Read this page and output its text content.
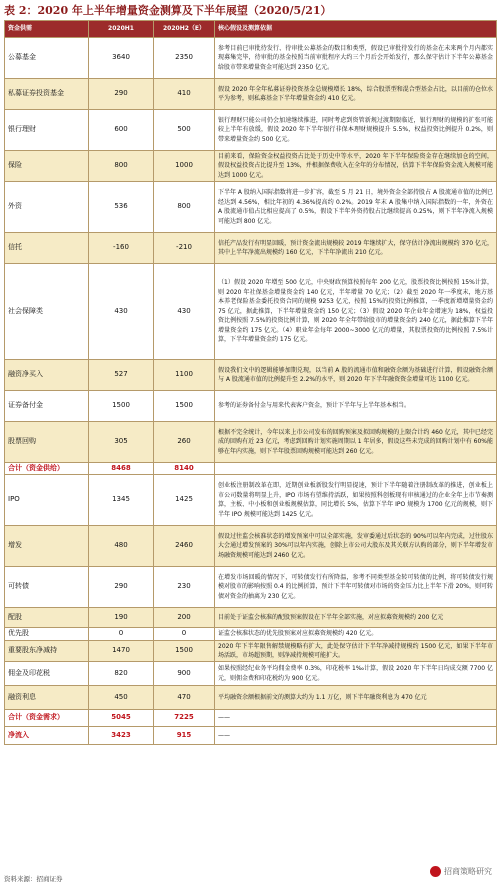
表 2：2020 年上半年增量资金测算及下半年展望（2020/5/21）
资金供需	2020H1	2020H2（E）	核心假设及测算依据
公募基金	3640	2350	参考目前已审批待发行、待审批公募基金的数目和类型，假设已审批待发行的基金在未来两个月内都实现募集完毕，待审批的基金按照当前审批程序大约三个月后会开始发行，那么保守估计下半年公募基金给股市带来增量资金可能达到 2350 亿元。
私募证券投资基金	290	410	假设 2020 年全年私募证券投资基金总规模增长 18%，综合股票型和混合型基金占比，以目前的仓位水平为参考，则私募基金下半年增量资金约 410 亿元。
银行理财	600	500	银行理财只能公司仍会加速继续推进，同时考虑到资管新规过渡期限临近，银行理财的规模的扩张可能较上半年有放缓，假设 2020 年下半年银行非保本理财规模提升 5.5%，权益投资比例提升 0.2%，则带来增量资金约 500 亿元。
保险	800	1000	目前来看，保险资金权益投资占比处于历史中等水平，2020 年下半年保险资金存在继续加仓的空间，假设权益投资占比提升至 13%，并根据保费收入在全年的分布情况，估算下半年保险资金流入规模可能达到 1000 亿元。
外资	536	800	下半年 A 股纳入国际指数将进一步扩容，截至 5 月 21 日，境外资金全部持股占 A 股流通市值的比例已经达到 4.56%，相比年初的 4.36%提高约 0.2%。2019 年末 A 股集中纳入国际指数的一年，外资在 A 股流通市值占比相应提高了 0.5%，假设下半年外资持股占比继续提高 0.25%，则下半年净流入规模可能达到 800 亿元。
信托	-160	-210	信托产品发行有明显回暖，预计资金流出规模较 2019 年继续扩大，保守估计净流出规模约 370 亿元，其中上半年净流出规模约 160 亿元，下半年净流出 210 亿元。
社会保障类	430	430	（1）假设 2020 年增至 500 亿元，中央财政预算按照每年 200 亿元，股票投资比例按照 15%计算，则 2020 年社保基金增量资金约 140 亿元，半年增量 70 亿元；（2）截至 2020 年一季度末，地方基本养老保险基金委托投资合同的规模 9253 亿元，按照 15%的投资比例推算，一季度新增增量资金约 75 亿元，据此推算，下半年增量资金约 150 亿元；（3）假设 2020 年企业年金增速为 18%，权益投资比例按照 7.5%的投资比例计算，则 2020 年全年带给股市的增量资金约 240 亿元，据此推算下半年增量资金约 175 亿元。（4）职业年金每年 2000~3000 亿元的增量，其股票投资的比例按照 7.5%计算，下半年增量资金约 175 亿元。
融资净买入	527	1100	假设我们文中的逻辑能够加期兑现，以当前 A 股的流通市值和融资余额为基础进行计算，假设融资余额与 A 股流通市值的比例提升至 2.2%的水平，则 2020 年下半年融资资金增量可达 1100 亿元。
证券备付金	1500	1500	参考的证券备付金与用来代表客户资金，预计下半年与上半年基本相当。
股票回购	305	260	根据不完全统计，今年以来上市公司发布的回购预案及拟回购规模的上限合计约 460 亿元，其中已经完成的回购有近 23 亿元，考虑到回购计划实施周期以 1 年居多，假设这些未完成的回购计划中有 60%能够在年内实施，则下半年股票回购规模可能达到 260 亿元。
合计（资金供给）	8468	8140	
IPO	1345	1425	创业板注册制改革在即，近期创业板新股发行明显提速，预计下半年随着注册制改革的推进，创业板上市公司数量将明显上升，IPO 市场有望维持活跃，如果按照科创板现有审核通过的企业全年上市节奏测算，主板、中小板和创业板规模估算，同比增长 5%，估算下半年 IPO 规模为 1700 亿元的规模，则下半年 IPO 规模可能达到 1425 亿元。
增发	480	2460	假设过往监会核准状态的增发预案中可以全部实施，发审委通过后状态的 90%可以年内完成，过往股东大会通过增发预案的 30%可以年内实施，创除上市公司大股东及其关联方认购的部分，则下半年增发市场融资规模可能达到 2460 亿元。
可转债	290	230	在增发市场回暖的情况下，可转债发行有所降温，参考不同类型基金转可转债的比例，将可转债发行规模对股市的影响按照 0.4 的比例折算，预计下半年可转债对市场的资金压力比上半年下滑 20%，则可转债对资金的抽离为 230 亿元。
配股	190	200	目前处于证监会核准的配股预案假设在下半年全部实施，对应拟募资规模约 200 亿元
优先股	0	0	证监会核准状态的优先股预案对应拟募资规模约 420 亿元。
重要股东净减持	1470	1500	2020 年下半年限售解禁规模略有扩大，此处保守估计下半年净减持规模约 1500 亿元，如果下半年市场活跃，市场超预期，则净减持规模可能扩大。
佣金及印花税	820	900	如果按照经纪业务平均佣金费率 0.3%，印花税率 1‰计算，假设 2020 年下半年日均成交额 7700 亿元，则佣金费和印花税约为 900 亿元。
融资利息	450	470	平均融资余额根据前文的测算大约为 1.1 万亿，则下半年融资利息为 470 亿元
合计（资金需求）	5045	7225	——
净流入	3423	915	——
资料来源：招商证券
招商策略研究
